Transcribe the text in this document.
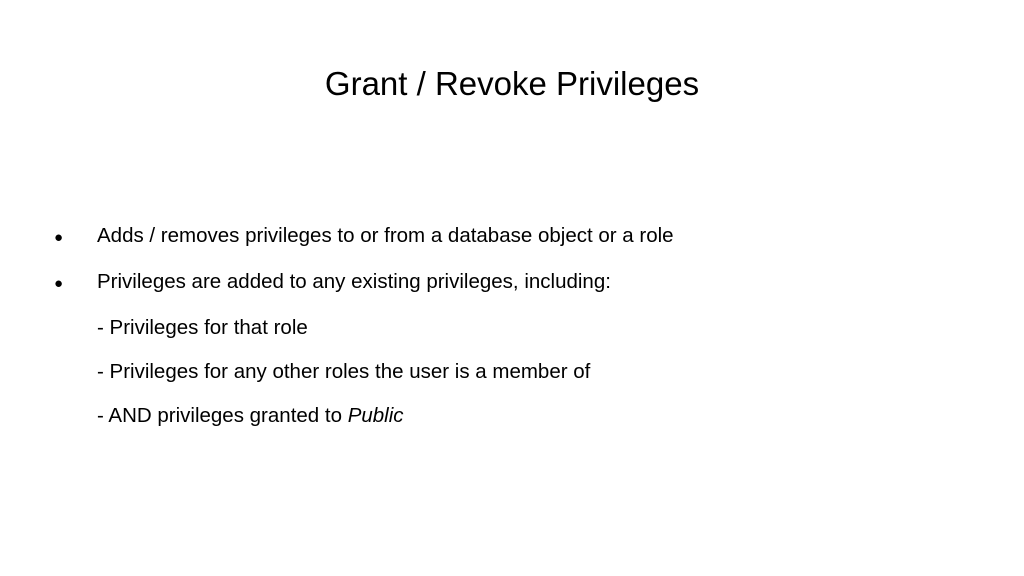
Grant / Revoke Privileges
●	Adds / removes privileges to or from a database object or a role
●	Privileges are added to any existing privileges, including:
- Privileges for that role
- Privileges for any other roles the user is a member of
- AND privileges granted to Public
